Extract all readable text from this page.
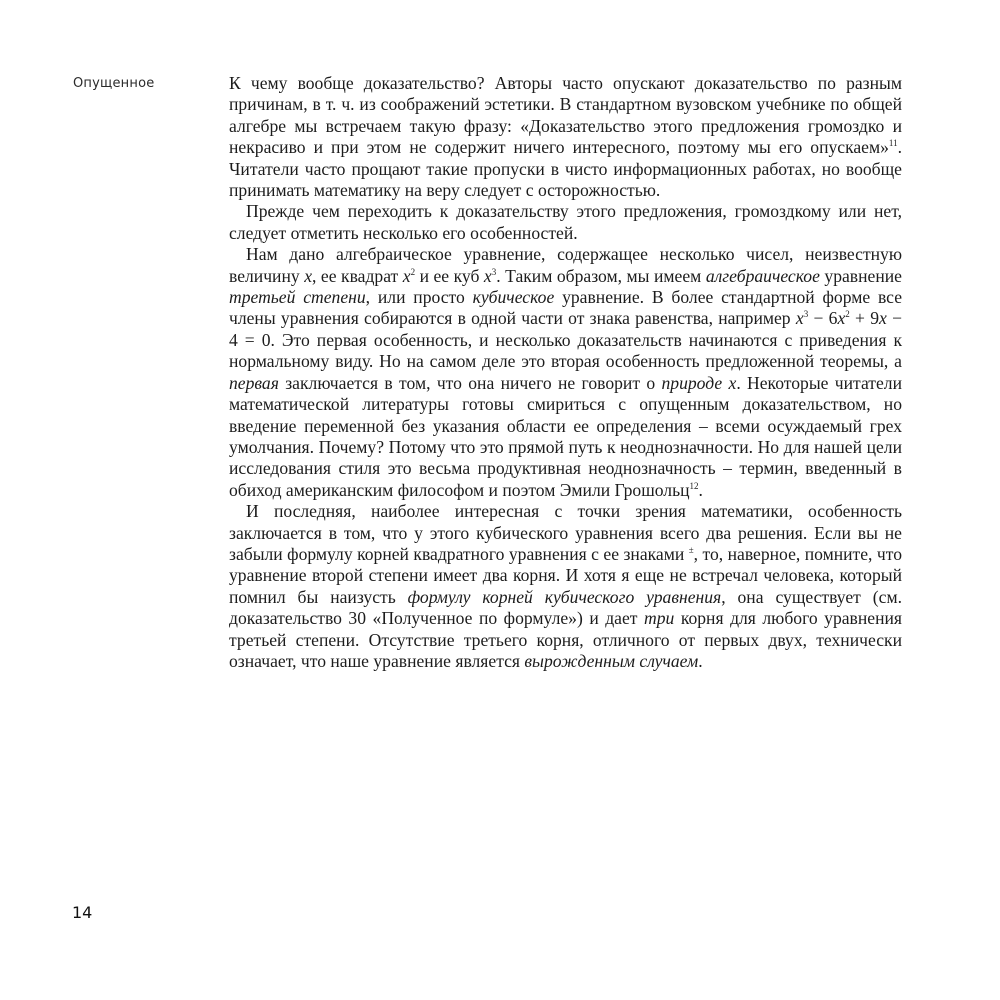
Опущенное	К чему вообще доказательство? Авторы часто опускают доказательство по разным причинам, в т. ч. из соображений эстетики. В стандартном вузовском учебнике по общей алгебре мы встречаем такую фразу: «Доказательство этого предложения громоздко и некрасиво и при этом не содержит ничего интересного, поэтому мы его опускаем»$^{11}$. Читатели часто прощают такие пропуски в чисто информационных работах, но вообще принимать математику на веру следует с осторожностью.

Прежде чем переходить к доказательству этого предложения, громоздкому или нет, следует отметить несколько его особенностей.

Нам дано алгебраическое уравнение, содержащее несколько чисел, неизвестную величину x, ее квадрат $x^2$ и ее куб $x^3$. Таким образом, мы имеем алгебраическое уравнение третьей степени, или просто кубическое уравнение. В более стандартной форме все члены уравнения собираются в одной части от знака равенства, например $x^3 - 6x^2 + 9x - 4 = 0$. Это первая особенность, и несколько доказательств начинаются с приведения к нормальному виду. Но на самом деле это вторая особенность предложенной теоремы, а первая заключается в том, что она ничего не говорит о природе x. Некоторые читатели математической литературы готовы смириться с опущенным доказательством, но введение переменной без указания области ее определения – всеми осуждаемый грех умолчания. Почему? Потому что это прямой путь к неоднозначности. Но для нашей цели исследования стиля это весьма продуктивная неоднозначность – термин, введенный в обиход американским философом и поэтом Эмили Грошольц$^{12}$.

И последняя, наиболее интересная с точки зрения математики, особенность заключается в том, что у этого кубического уравнения всего два решения. Если вы не забыли формулу корней квадратного уравнения с ее знаками ±, то, наверное, помните, что уравнение второй степени имеет два корня. И хотя я еще не встречал человека, который помнил бы наизусть формулу корней кубического уравнения, она существует (см. доказательство 30 «Полученное по формуле») и дает три корня для любого уравнения третьей степени. Отсутствие третьего корня, отличного от первых двух, технически означает, что наше уравнение является вырожденным случаем.

14
